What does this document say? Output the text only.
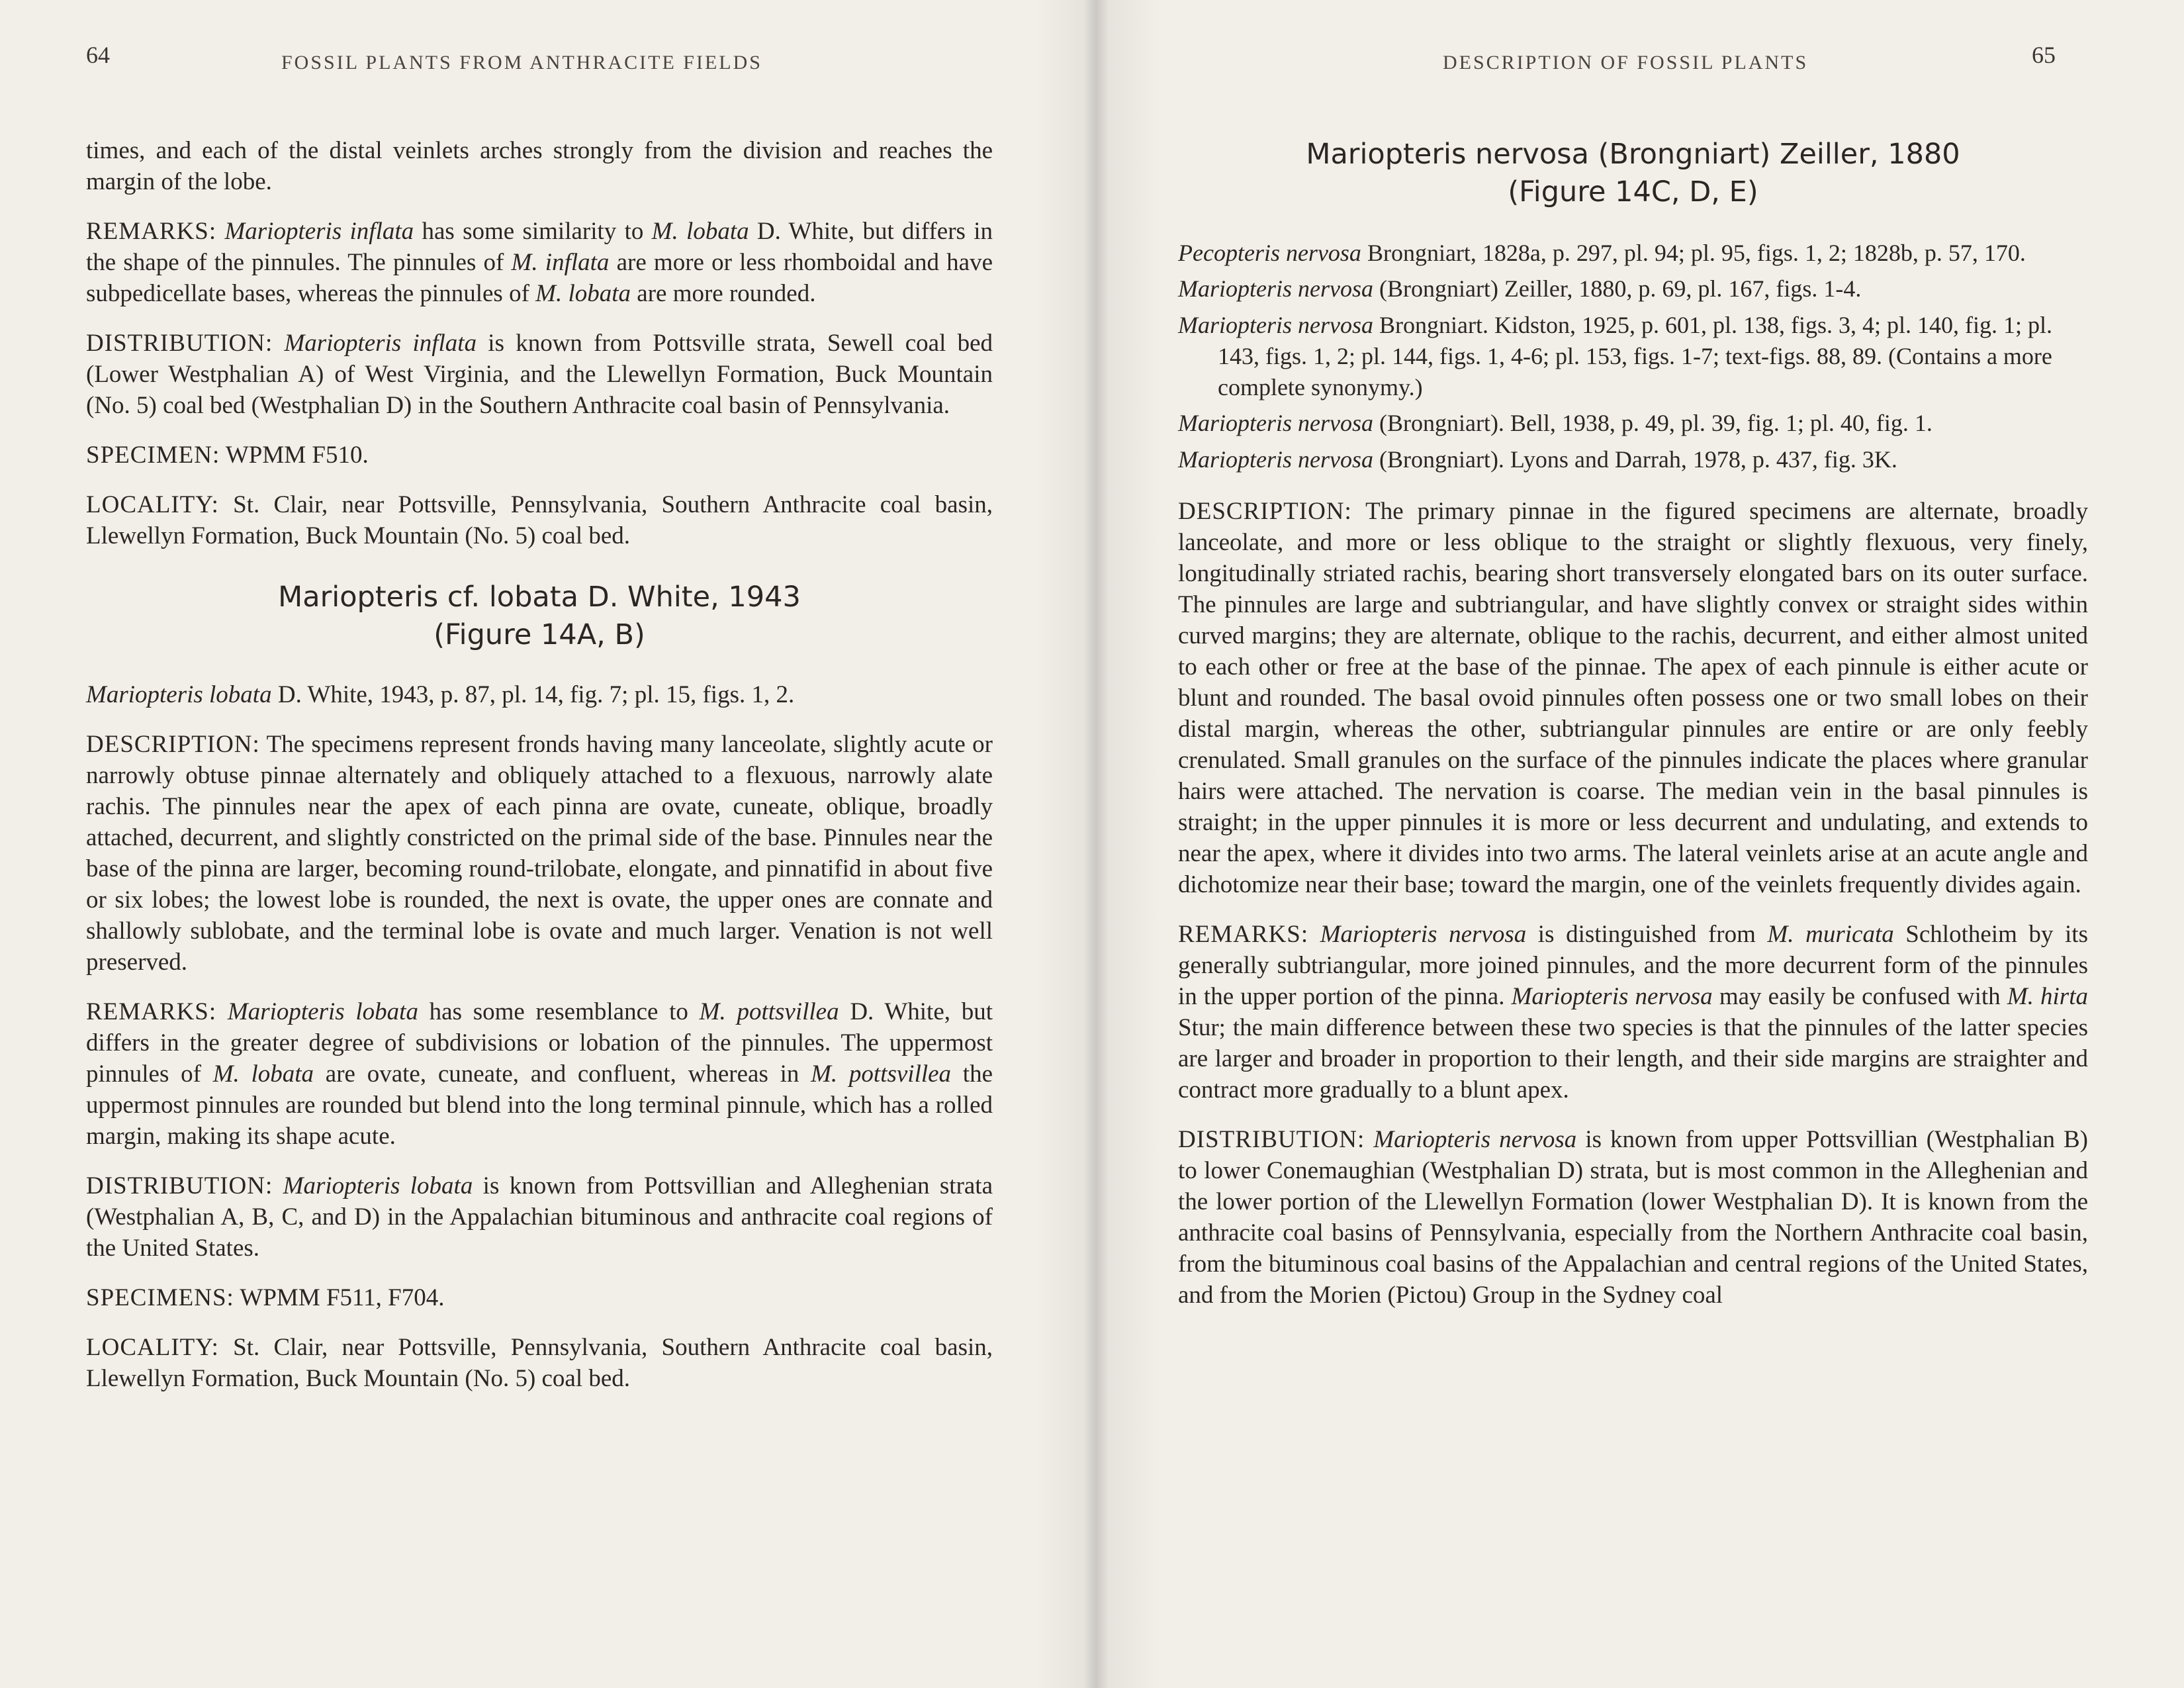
64	FOSSIL PLANTS FROM ANTHRACITE FIELDS

times, and each of the distal veinlets arches strongly from the division and reaches the margin of the lobe.

REMARKS: Mariopteris inflata has some similarity to M. lobata D. White, but differs in the shape of the pinnules. The pinnules of M. inflata are more or less rhomboidal and have subpedicellate bases, whereas the pinnules of M. lobata are more rounded.

DISTRIBUTION: Mariopteris inflata is known from Pottsville strata, Sewell coal bed (Lower Westphalian A) of West Virginia, and the Llewellyn Formation, Buck Mountain (No. 5) coal bed (Westphalian D) in the Southern Anthracite coal basin of Pennsylvania.

SPECIMEN: WPMM F510.

LOCALITY: St. Clair, near Pottsville, Pennsylvania, Southern Anthracite coal basin, Llewellyn Formation, Buck Mountain (No. 5) coal bed.

Mariopteris cf. lobata D. White, 1943
(Figure 14A, B)

Mariopteris lobata D. White, 1943, p. 87, pl. 14, fig. 7; pl. 15, figs. 1, 2.

DESCRIPTION: The specimens represent fronds having many lanceolate, slightly acute or narrowly obtuse pinnae alternately and obliquely attached to a flexuous, narrowly alate rachis. The pinnules near the apex of each pinna are ovate, cuneate, oblique, broadly attached, decurrent, and slightly constricted on the primal side of the base. Pinnules near the base of the pinna are larger, becoming round-trilobate, elongate, and pinnatifid in about five or six lobes; the lowest lobe is rounded, the next is ovate, the upper ones are connate and shallowly sublobate, and the terminal lobe is ovate and much larger. Venation is not well preserved.

REMARKS: Mariopteris lobata has some resemblance to M. pottsvillea D. White, but differs in the greater degree of subdivisions or lobation of the pinnules. The uppermost pinnules of M. lobata are ovate, cuneate, and confluent, whereas in M. pottsvillea the uppermost pinnules are rounded but blend into the long terminal pinnule, which has a rolled margin, making its shape acute.

DISTRIBUTION: Mariopteris lobata is known from Pottsvillian and Alleghenian strata (Westphalian A, B, C, and D) in the Appalachian bituminous and anthracite coal regions of the United States.

SPECIMENS: WPMM F511, F704.

LOCALITY: St. Clair, near Pottsville, Pennsylvania, Southern Anthracite coal basin, Llewellyn Formation, Buck Mountain (No. 5) coal bed.

DESCRIPTION OF FOSSIL PLANTS	65
Mariopteris nervosa (Brongniart) Zeiller, 1880
(Figure 14C, D, E)

Pecopteris nervosa Brongniart, 1828a, p. 297, pl. 94; pl. 95, figs. 1, 2; 1828b, p. 57, 170.

Mariopteris nervosa (Brongniart) Zeiller, 1880, p. 69, pl. 167, figs. 1-4.

Mariopteris nervosa Brongniart. Kidston, 1925, p. 601, pl. 138, figs. 3, 4; pl. 140, fig. 1; pl. 143, figs. 1, 2; pl. 144, figs. 1, 4-6; pl. 153, figs. 1-7; text-figs. 88, 89. (Contains a more complete synonymy.)

Mariopteris nervosa (Brongniart). Bell, 1938, p. 49, pl. 39, fig. 1; pl. 40, fig. 1.

Mariopteris nervosa (Brongniart). Lyons and Darrah, 1978, p. 437, fig. 3K.

DESCRIPTION: The primary pinnae in the figured specimens are alternate, broadly lanceolate, and more or less oblique to the straight or slightly flexuous, very finely, longitudinally striated rachis, bearing short transversely elongated bars on its outer surface. The pinnules are large and subtriangular, and have slightly convex or straight sides within curved margins; they are alternate, oblique to the rachis, decurrent, and either almost united to each other or free at the base of the pinnae. The apex of each pinnule is either acute or blunt and rounded. The basal ovoid pinnules often possess one or two small lobes on their distal margin, whereas the other, subtriangular pinnules are entire or are only feebly crenulated. Small granules on the surface of the pinnules indicate the places where granular hairs were attached. The nervation is coarse. The median vein in the basal pinnules is straight; in the upper pinnules it is more or less decurrent and undulating, and extends to near the apex, where it divides into two arms. The lateral veinlets arise at an acute angle and dichotomize near their base; toward the margin, one of the veinlets frequently divides again.

REMARKS: Mariopteris nervosa is distinguished from M. muricata Schlotheim by its generally subtriangular, more joined pinnules, and the more decurrent form of the pinnules in the upper portion of the pinna. Mariopteris nervosa may easily be confused with M. hirta Stur; the main difference between these two species is that the pinnules of the latter species are larger and broader in proportion to their length, and their side margins are straighter and contract more gradually to a blunt apex.

DISTRIBUTION: Mariopteris nervosa is known from upper Pottsvillian (Westphalian B) to lower Conemaughian (Westphalian D) strata, but is most common in the Alleghenian and the lower portion of the Llewellyn Formation (lower Westphalian D). It is known from the anthracite coal basins of Pennsylvania, especially from the Northern Anthracite coal basin, from the bituminous coal basins of the Appalachian and central regions of the United States, and from the Morien (Pictou) Group in the Sydney coal
